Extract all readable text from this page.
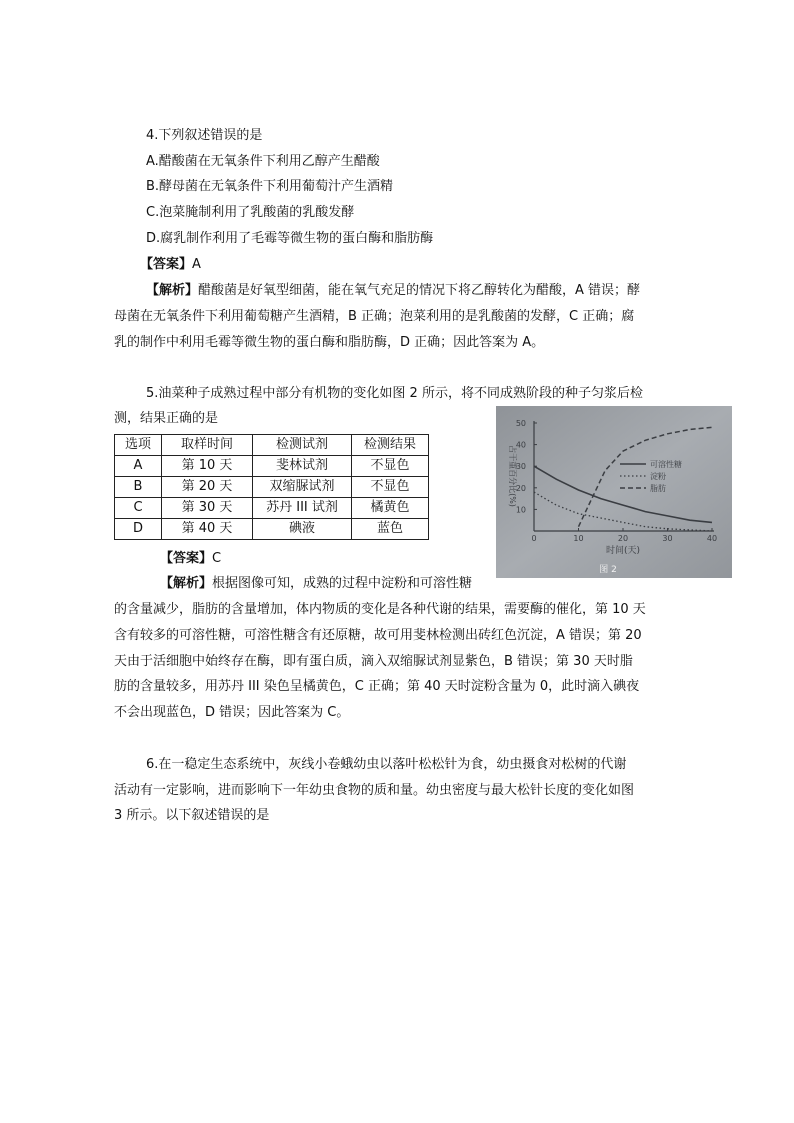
4.下列叙述错误的是
A.醋酸菌在无氧条件下利用乙醇产生醋酸
B.酵母菌在无氧条件下利用葡萄汁产生酒精
C.泡菜腌制利用了乳酸菌的乳酸发酵
D.腐乳制作利用了毛霉等微生物的蛋白酶和脂肪酶
【答案】A
【解析】醋酸菌是好氧型细菌，能在氧气充足的情况下将乙醇转化为醋酸，A 错误；酵
母菌在无氧条件下利用葡萄糖产生酒精，B 正确；泡菜利用的是乳酸菌的发酵，C 正确；腐
乳的制作中利用毛霉等微生物的蛋白酶和脂肪酶，D 正确；因此答案为 A。
5.油菜种子成熟过程中部分有机物的变化如图 2 所示，将不同成熟阶段的种子匀浆后检
测，结果正确的是
选项	取样时间	检测试剂	检测结果
A	第 10 天	斐林试剂	不显色
B	第 20 天	双缩脲试剂	不显色
C	第 30 天	苏丹 III 试剂	橘黄色
D	第 40 天	碘液	蓝色
可溶性糖
淀粉
脂肪
0	10	20	30	40
10
20
30
40
50
时间(天)
占干重百分比(%)
图 2
【答案】C
【解析】根据图像可知，成熟的过程中淀粉和可溶性糖
的含量减少，脂肪的含量增加，体内物质的变化是各种代谢的结果，需要酶的催化，第 10 天
含有较多的可溶性糖，可溶性糖含有还原糖，故可用斐林检测出砖红色沉淀，A 错误；第 20
天由于活细胞中始终存在酶，即有蛋白质，滴入双缩脲试剂显紫色，B 错误；第 30 天时脂
肪的含量较多，用苏丹 III 染色呈橘黄色，C 正确；第 40 天时淀粉含量为 0，此时滴入碘夜
不会出现蓝色，D 错误；因此答案为 C。
6.在一稳定生态系统中，灰线小卷蛾幼虫以落叶松松针为食，幼虫摄食对松树的代谢
活动有一定影响，进而影响下一年幼虫食物的质和量。幼虫密度与最大松针长度的变化如图
3 所示。以下叙述错误的是
